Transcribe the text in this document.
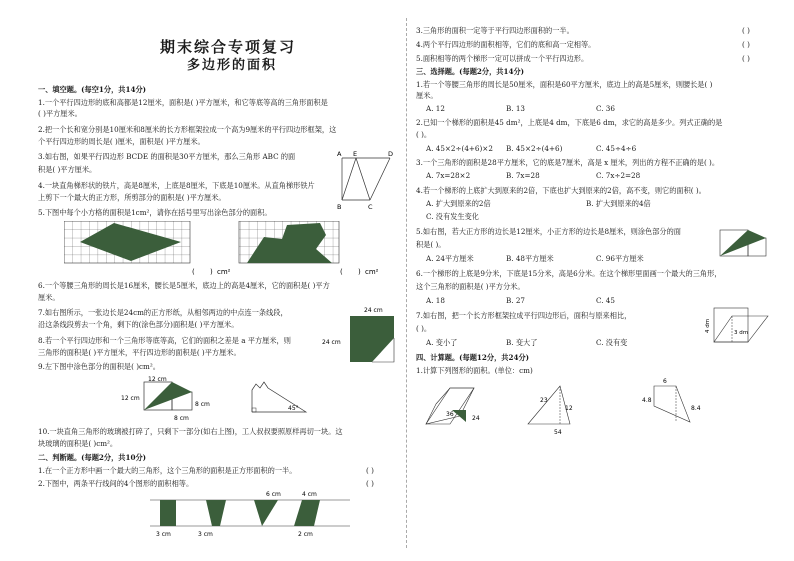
期末综合专项复习
多边形的面积
一、填空题。(每空1分，共14分)
1.一个平行四边形的底和高都是12厘米，面积是( )平方厘米，和它等底等高的三角形面积是
( )平方厘米。
2.把一个长和宽分别是10厘米和8厘米的长方形框架拉成一个高为9厘米的平行四边形框架，这
个平行四边形的周长是( )厘米，面积是( )平方厘米。
3.如右图，如果平行四边形 BCDE 的面积是30平方厘米，那么三角形 ABC 的面
积是( )平方厘米。
4.一块直角梯形状的铁片，高是8厘米，上底是8厘米，下底是10厘米。从直角梯形铁片
上剪下一个最大的正方形，所剪部分的面积是( )平方厘米。
5.下图中每个小方格的面积是1cm²，请你在括号里写出涂色部分的面积。
( ) cm²	( ) cm²
6.一个等腰三角形的周长是16厘米，腰长是5厘米，底边上的高是4厘米，它的面积是( )平方
厘米。
7.如右图所示，一张边长是24cm的正方形纸，从相邻两边的中点连一条线段，
沿这条线段剪去一个角，剩下的(涂色部分)面积是( )平方厘米。
8.若一个平行四边形和一个三角形等底等高，它们的面积之差是 a 平方厘米，则
三角形的面积是( )平方厘米，平行四边形的面积是( )平方厘米。
9.左下图中涂色部分的面积是( )cm²。
12 cm
12 cm
8 cm
8 cm
45°
10.一块直角三角形的玻璃被打碎了，只剩下一部分(如右上图)，工人叔叔要照原样再切一块。这
块玻璃的面积是( )cm²。
二、判断题。(每题2分，共10分)
1.在一个正方形中画一个最大的三角形，这个三角形的面积是正方形面积的一半。	( )
2.下图中，两条平行线间的4个图形的面积相等。	( )
6 cm	4 cm
3 cm	3 cm	2 cm
A E	D
B	C
24 cm
24 cm
3.三角形的面积一定等于平行四边形面积的一半。	( )
4.两个平行四边形的面积相等，它们的底和高一定相等。	( )
5.面积相等的两个梯形一定可以拼成一个平行四边形。	( )
三、选择题。(每题2分，共14分)
1.若一个等腰三角形的周长是50厘米，面积是60平方厘米，底边上的高是5厘米，则腰长是( )
厘米。
A. 12	B. 13	C. 36
2.已知一个梯形的面积是45 dm²，上底是4 dm，下底是6 dm，求它的高是多少。列式正确的是
( )。
A. 45×2÷(4+6)×2 B. 45×2÷(4+6)	C. 45÷4÷6
3.一个三角形的面积是28平方厘米，它的底是7厘米，高是 x 厘米，列出的方程不正确的是( )。
A. 7x=28×2	B. 7x=28	C. 7x÷2=28
4.若一个梯形的上底扩大到原来的2倍，下底也扩大到原来的2倍，高不变，则它的面积( )。
A. 扩大到原来的2倍	B. 扩大到原来的4倍
C. 没有发生变化
5.如右图，若大正方形的边长是12厘米，小正方形的边长是8厘米，则涂色部分的面
积是( )。
A. 24平方厘米	B. 48平方厘米	C. 96平方厘米
6.一个梯形的上底是9分米，下底是15分米，高是6分米。在这个梯形里面画一个最大的三角形，
这个三角形的面积是( )平方分米。
A. 18	B. 27	C. 45
7.如右图，把一个长方形框架拉成平行四边形后，面积与原来相比，
( )。
A. 变小了	B. 变大了	C. 没有变
四、计算题。(每题12分，共24分)
1.计算下列图形的面积。(单位：cm)
4 dm	3 dm
36
24
23
12
54
6
4.8
8.4
